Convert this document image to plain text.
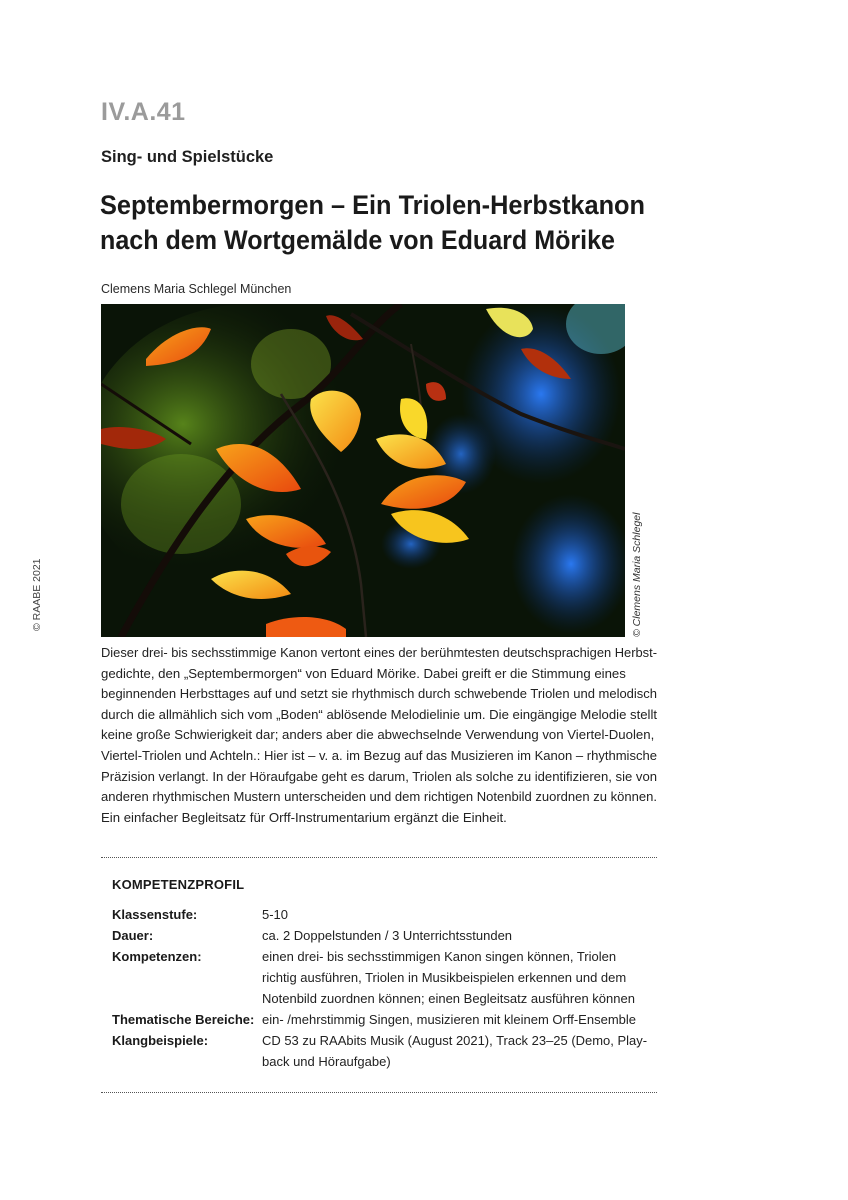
IV.A.41
Sing- und Spielstücke
Septembermorgen – Ein Triolen-Herbstkanon
nach dem Wortgemälde von Eduard Mörike
Clemens Maria Schlegel München
© Clemens Maria Schlegel
© RAABE 2021
Dieser drei- bis sechsstimmige Kanon vertont eines der berühmtesten deutschsprachigen Herbst-
gedichte, den „Septembermorgen“ von Eduard Mörike. Dabei greift er die Stimmung eines
beginnenden Herbsttages auf und setzt sie rhythmisch durch schwebende Triolen und melodisch
durch die allmählich sich vom „Boden“ ablösende Melodielinie um. Die eingängige Melodie stellt
keine große Schwierigkeit dar; anders aber die abwechselnde Verwendung von Viertel-Duolen,
Viertel-Triolen und Achteln.: Hier ist – v. a. im Bezug auf das Musizieren im Kanon – rhythmische
Präzision verlangt. In der Höraufgabe geht es darum, Triolen als solche zu identifizieren, sie von
anderen rhythmischen Mustern unterscheiden und dem richtigen Notenbild zuordnen zu können.
Ein einfacher Begleitsatz für Orff-Instrumentarium ergänzt die Einheit.
KOMPETENZPROFIL
Klassenstufe:	5-10
Dauer:	ca. 2 Doppelstunden / 3 Unterrichtsstunden
Kompetenzen:	einen drei- bis sechsstimmigen Kanon singen können, Triolen
richtig ausführen, Triolen in Musikbeispielen erkennen und dem
Notenbild zuordnen können; einen Begleitsatz ausführen können
Thematische Bereiche: ein- /mehrstimmig Singen, musizieren mit kleinem Orff-Ensemble
Klangbeispiele:	CD 53 zu RAAbits Musik (August 2021), Track 23–25 (Demo, Play-
back und Höraufgabe)
